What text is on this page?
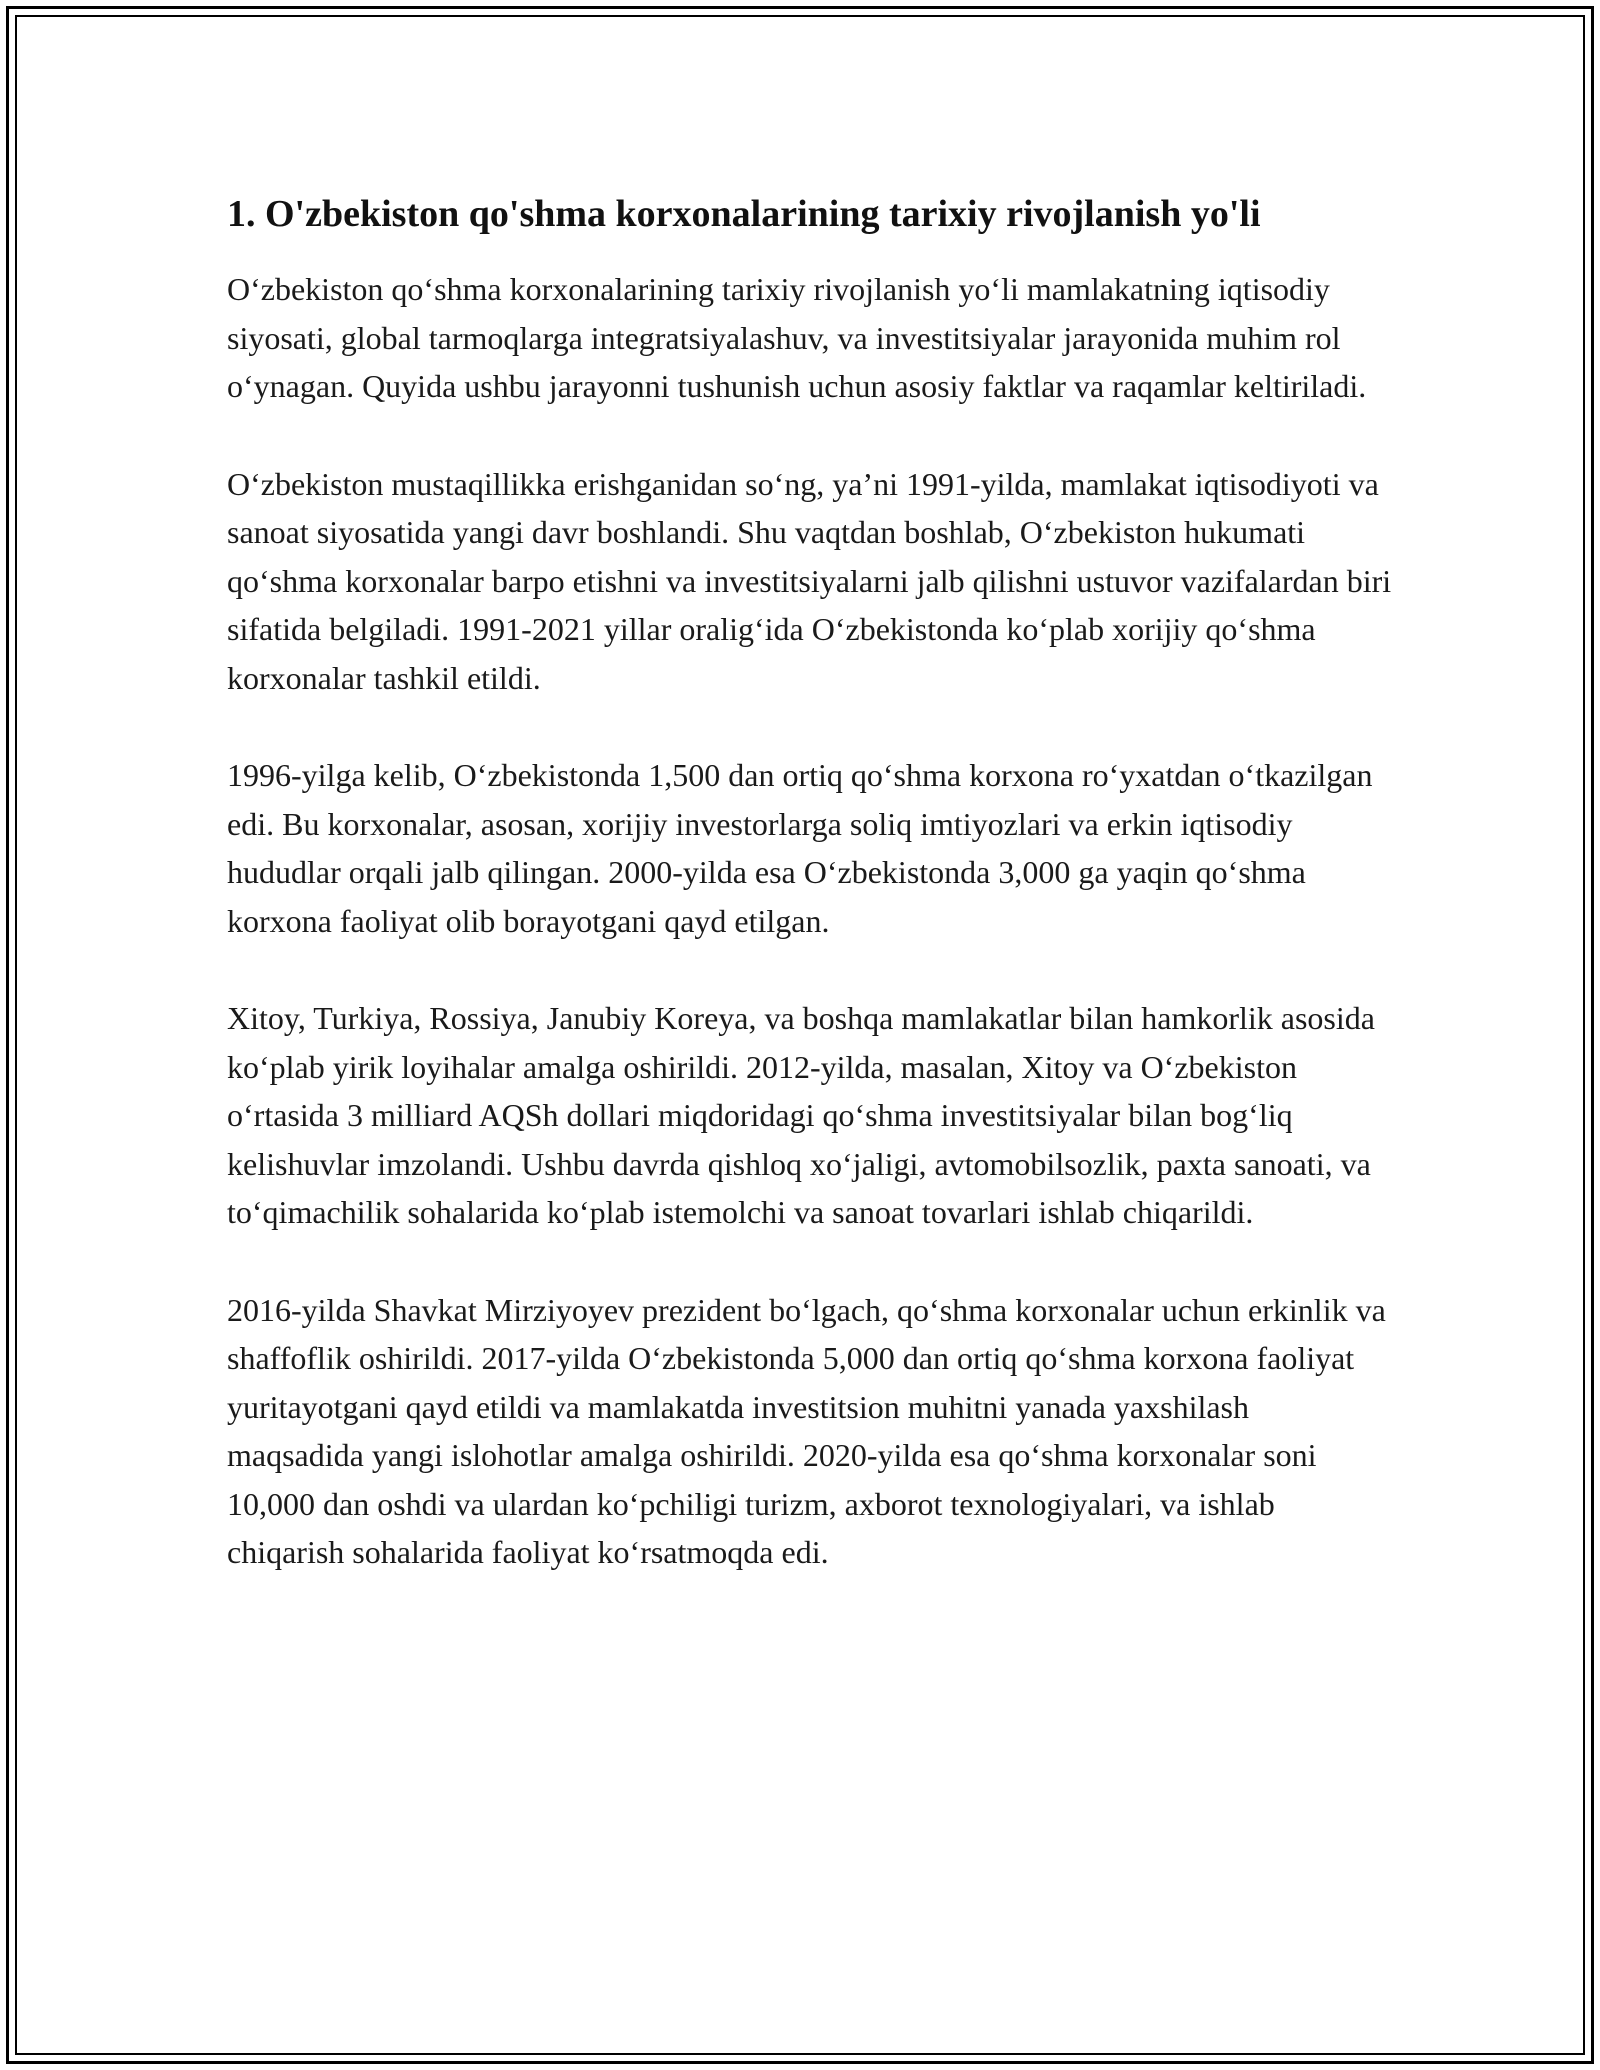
1. O'zbekiston qo'shma korxonalarining tarixiy rivojlanish yo'li

O‘zbekiston qo‘shma korxonalarining tarixiy rivojlanish yo‘li mamlakatning iqtisodiy siyosati, global tarmoqlarga integratsiyalashuv, va investitsiyalar jarayonida muhim rol o‘ynagan. Quyida ushbu jarayonni tushunish uchun asosiy faktlar va raqamlar keltiriladi.

O‘zbekiston mustaqillikka erishganidan so‘ng, ya’ni 1991-yilda, mamlakat iqtisodiyoti va sanoat siyosatida yangi davr boshlandi. Shu vaqtdan boshlab, O‘zbekiston hukumati qo‘shma korxonalar barpo etishni va investitsiyalarni jalb qilishni ustuvor vazifalardan biri sifatida belgiladi. 1991-2021 yillar oralig‘ida O‘zbekistonda ko‘plab xorijiy qo‘shma korxonalar tashkil etildi.

1996-yilga kelib, O‘zbekistonda 1,500 dan ortiq qo‘shma korxona ro‘yxatdan o‘tkazilgan edi. Bu korxonalar, asosan, xorijiy investorlarga soliq imtiyozlari va erkin iqtisodiy hududlar orqali jalb qilingan. 2000-yilda esa O‘zbekistonda 3,000 ga yaqin qo‘shma korxona faoliyat olib borayotgani qayd etilgan.

Xitoy, Turkiya, Rossiya, Janubiy Koreya, va boshqa mamlakatlar bilan hamkorlik asosida ko‘plab yirik loyihalar amalga oshirildi. 2012-yilda, masalan, Xitoy va O‘zbekiston o‘rtasida 3 milliard AQSh dollari miqdoridagi qo‘shma investitsiyalar bilan bog‘liq kelishuvlar imzolandi. Ushbu davrda qishloq xo‘jaligi, avtomobilsozlik, paxta sanoati, va to‘qimachilik sohalarida ko‘plab istemolchi va sanoat tovarlari ishlab chiqarildi.

2016-yilda Shavkat Mirziyoyev prezident bo‘lgach, qo‘shma korxonalar uchun erkinlik va shaffoflik oshirildi. 2017-yilda O‘zbekistonda 5,000 dan ortiq qo‘shma korxona faoliyat yuritayotgani qayd etildi va mamlakatda investitsion muhitni yanada yaxshilash maqsadida yangi islohotlar amalga oshirildi. 2020-yilda esa qo‘shma korxonalar soni 10,000 dan oshdi va ulardan ko‘pchiligi turizm, axborot texnologiyalari, va ishlab chiqarish sohalarida faoliyat ko‘rsatmoqda edi.
